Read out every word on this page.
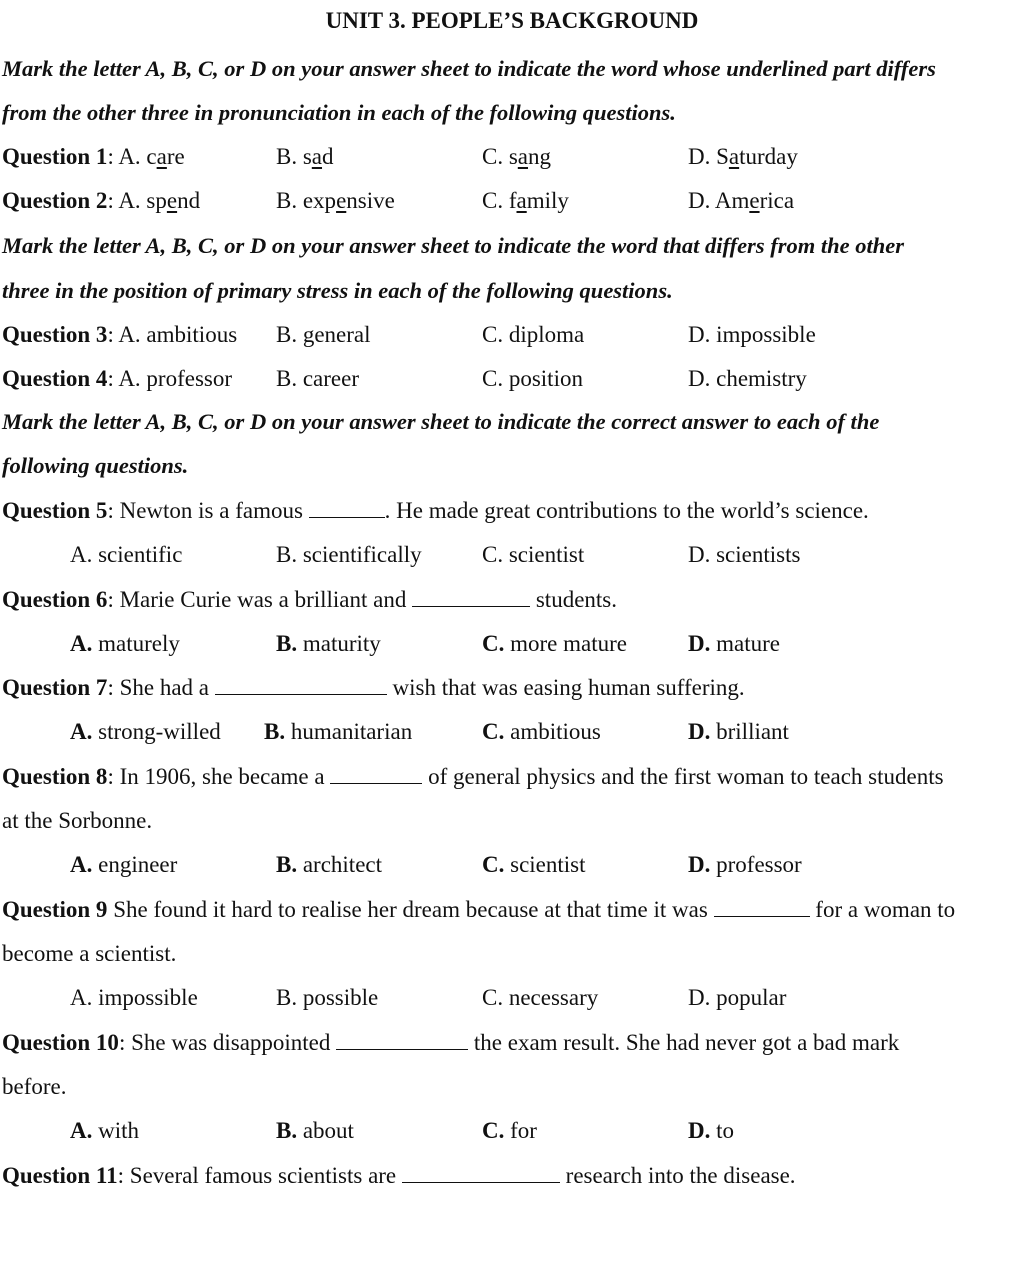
UNIT 3. PEOPLE’S BACKGROUND
Mark the letter A, B, C, or D on your answer sheet to indicate the word whose underlined part differs
from the other three in pronunciation in each of the following questions.
Question 1: A. care	B. sad	C. sang	D. Saturday
Question 2: A. spend	B. expensive	C. family	D. America
Mark the letter A, B, C, or D on your answer sheet to indicate the word that differs from the other
three in the position of primary stress in each of the following questions.
Question 3: A. ambitious B. general	C. diploma	D. impossible
Question 4: A. professor B. career	C. position	D. chemistry
Mark the letter A, B, C, or D on your answer sheet to indicate the correct answer to each of the
following questions.
Question 5: Newton is a famous	. He made great contributions to the world’s science.
A. scientific	B. scientifically	C. scientist	D. scientists
Question 6: Marie Curie was a brilliant and	students.
A. maturely	B. maturity	C. more mature	D. mature
Question 7: She had a	wish that was easing human suffering.
A. strong-willed B. humanitarian	C. ambitious	D. brilliant
Question 8: In 1906, she became a	of general physics and the first woman to teach students
at the Sorbonne.
A. engineer	B. architect	C. scientist	D. professor
Question 9 She found it hard to realise her dream because at that time it was	for a woman to
become a scientist.
A. impossible	B. possible	C. necessary	D. popular
Question 10: She was disappointed	the exam result. She had never got a bad mark
before.
A. with	B. about	C. for	D. to
Question 11: Several famous scientists are	research into the disease.
